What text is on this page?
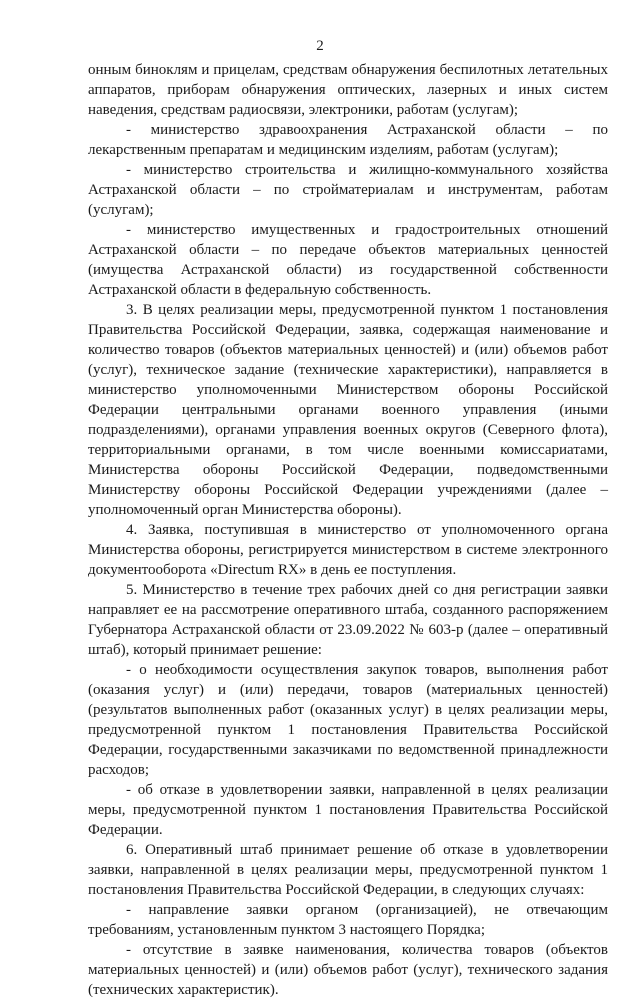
2

онным биноклям и прицелам, средствам обнаружения беспилотных летательных аппаратов, приборам обнаружения оптических, лазерных и иных систем наведения, средствам радиосвязи, электроники, работам (услугам);

- министерство здравоохранения Астраханской области – по лекарственным препаратам и медицинским изделиям, работам (услугам);

- министерство строительства и жилищно-коммунального хозяйства Астраханской области – по стройматериалам и инструментам, работам (услугам);

- министерство имущественных и градостроительных отношений Астраханской области – по передаче объектов материальных ценностей (имущества Астраханской области) из государственной собственности Астраханской области в федеральную собственность.

3. В целях реализации меры, предусмотренной пунктом 1 постановления Правительства Российской Федерации, заявка, содержащая наименование и количество товаров (объектов материальных ценностей) и (или) объемов работ (услуг), техническое задание (технические характеристики), направляется в министерство уполномоченными Министерством обороны Российской Федерации центральными органами военного управления (иными подразделениями), органами управления военных округов (Северного флота), территориальными органами, в том числе военными комиссариатами, Министерства обороны Российской Федерации, подведомственными Министерству обороны Российской Федерации учреждениями (далее – уполномоченный орган Министерства обороны).

4. Заявка, поступившая в министерство от уполномоченного органа Министерства обороны, регистрируется министерством в системе электронного документооборота «Directum RX» в день ее поступления.

5. Министерство в течение трех рабочих дней со дня регистрации заявки направляет ее на рассмотрение оперативного штаба, созданного распоряжением Губернатора Астраханской области от 23.09.2022 № 603-р (далее – оперативный штаб), который принимает решение:

- о необходимости осуществления закупок товаров, выполнения работ (оказания услуг) и (или) передачи, товаров (материальных ценностей) (результатов выполненных работ (оказанных услуг) в целях реализации меры, предусмотренной пунктом 1 постановления Правительства Российской Федерации, государственными заказчиками по ведомственной принадлежности расходов;

- об отказе в удовлетворении заявки, направленной в целях реализации меры, предусмотренной пунктом 1 постановления Правительства Российской Федерации.

6. Оперативный штаб принимает решение об отказе в удовлетворении заявки, направленной в целях реализации меры, предусмотренной пунктом 1 постановления Правительства Российской Федерации, в следующих случаях:

- направление заявки органом (организацией), не отвечающим требованиям, установленным пунктом 3 настоящего Порядка;

- отсутствие в заявке наименования, количества товаров (объектов материальных ценностей) и (или) объемов работ (услуг), технического задания (технических характеристик).
